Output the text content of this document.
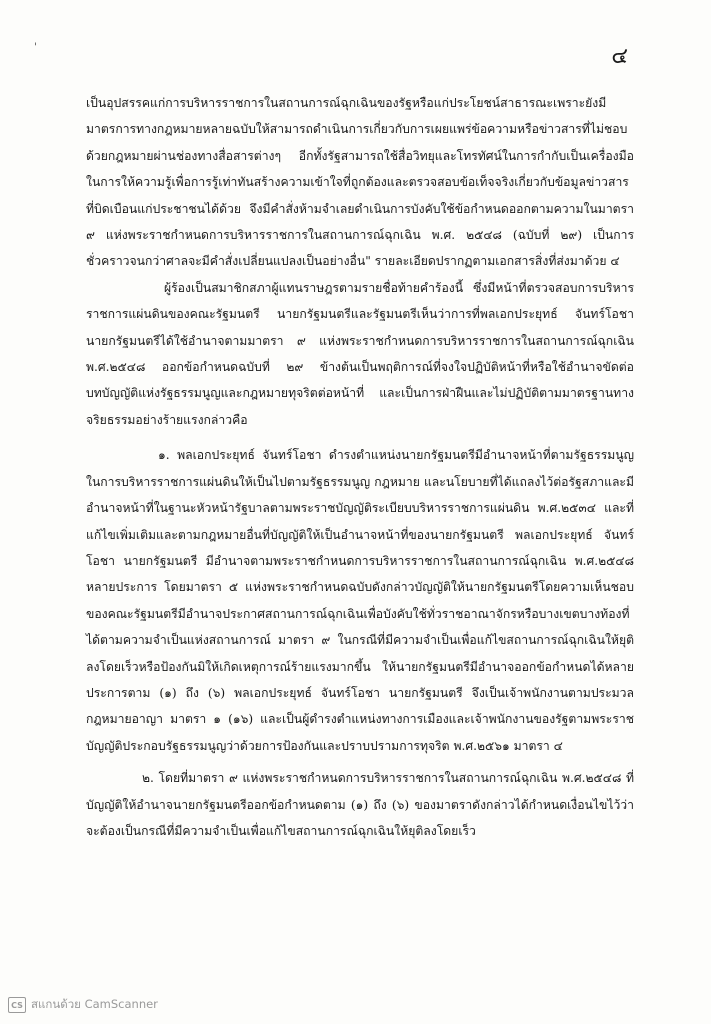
'	๔

เป็นอุปสรรคแก่การบริหารราชการในสถานการณ์ฉุกเฉินของรัฐหรือแก่ประโยชน์สาธารณะเพราะยังมีมาตรการทางกฎหมายหลายฉบับให้สามารถดำเนินการเกี่ยวกับการเผยแพร่ข้อความหรือข่าวสารที่ไม่ชอบด้วยกฎหมายผ่านช่องทางสื่อสารต่างๆ อีกทั้งรัฐสามารถใช้สื่อวิทยุและโทรทัศน์ในการกำกับเป็นเครื่องมือในการให้ความรู้เพื่อการรู้เท่าทันสร้างความเข้าใจที่ถูกต้องและตรวจสอบข้อเท็จจริงเกี่ยวกับข้อมูลข่าวสารที่บิดเบือนแก่ประชาชนได้ด้วย จึงมีคำสั่งห้ามจำเลยดำเนินการบังคับใช้ข้อกำหนดออกตามความในมาตรา ๙ แห่งพระราชกำหนดการบริหารราชการในสถานการณ์ฉุกเฉิน พ.ศ. ๒๕๔๘ (ฉบับที่ ๒๙) เป็นการชั่วคราวจนกว่าศาลจะมีคำสั่งเปลี่ยนแปลงเป็นอย่างอื่น" รายละเอียดปรากฏตามเอกสารสิ่งที่ส่งมาด้วย ๔

ผู้ร้องเป็นสมาชิกสภาผู้แทนราษฎรตามรายชื่อท้ายคำร้องนี้ ซึ่งมีหน้าที่ตรวจสอบการบริหารราชการแผ่นดินของคณะรัฐมนตรี นายกรัฐมนตรีและรัฐมนตรีเห็นว่าการที่พลเอกประยุทธ์ จันทร์โอชา นายกรัฐมนตรีได้ใช้อำนาจตามมาตรา ๙ แห่งพระราชกำหนดการบริหารราชการในสถานการณ์ฉุกเฉิน พ.ศ.๒๕๔๘ ออกข้อกำหนดฉบับที่ ๒๙ ข้างต้นเป็นพฤติการณ์ที่จงใจปฏิบัติหน้าที่หรือใช้อำนาจขัดต่อบทบัญญัติแห่งรัฐธรรมนูญและกฎหมายทุจริตต่อหน้าที่ และเป็นการฝ่าฝืนและไม่ปฏิบัติตามมาตรฐานทางจริยธรรมอย่างร้ายแรงกล่าวคือ

๑. พลเอกประยุทธ์ จันทร์โอชา ดำรงตำแหน่งนายกรัฐมนตรีมีอำนาจหน้าที่ตามรัฐธรรมนูญในการบริหารราชการแผ่นดินให้เป็นไปตามรัฐธรรมนูญ กฎหมาย และนโยบายที่ได้แถลงไว้ต่อรัฐสภาและมีอำนาจหน้าที่ในฐานะหัวหน้ารัฐบาลตามพระราชบัญญัติระเบียบบริหารราชการแผ่นดิน พ.ศ.๒๕๓๔ และที่แก้ไขเพิ่มเติมและตามกฎหมายอื่นที่บัญญัติให้เป็นอำนาจหน้าที่ของนายกรัฐมนตรี พลเอกประยุทธ์ จันทร์โอชา นายกรัฐมนตรี มีอำนาจตามพระราชกำหนดการบริหารราชการในสถานการณ์ฉุกเฉิน พ.ศ.๒๕๔๘ หลายประการ โดยมาตรา ๕ แห่งพระราชกำหนดฉบับดังกล่าวบัญญัติให้นายกรัฐมนตรีโดยความเห็นชอบของคณะรัฐมนตรีมีอำนาจประกาศสถานการณ์ฉุกเฉินเพื่อบังคับใช้ทั่วราชอาณาจักรหรือบางเขตบางท้องที่ได้ตามความจำเป็นแห่งสถานการณ์ มาตรา ๙ ในกรณีที่มีความจำเป็นเพื่อแก้ไขสถานการณ์ฉุกเฉินให้ยุติลงโดยเร็วหรือป้องกันมิให้เกิดเหตุการณ์ร้ายแรงมากขึ้น ให้นายกรัฐมนตรีมีอำนาจออกข้อกำหนดได้หลายประการตาม (๑) ถึง (๖) พลเอกประยุทธ์ จันทร์โอชา นายกรัฐมนตรี จึงเป็นเจ้าพนักงานตามประมวลกฎหมายอาญา มาตรา ๑ (๑๖) และเป็นผู้ดำรงตำแหน่งทางการเมืองและเจ้าพนักงานของรัฐตามพระราชบัญญัติประกอบรัฐธรรมนูญว่าด้วยการป้องกันและปราบปรามการทุจริต พ.ศ.๒๕๖๑ มาตรา ๔

๒. โดยที่มาตรา ๙ แห่งพระราชกำหนดการบริหารราชการในสถานการณ์ฉุกเฉิน พ.ศ.๒๕๔๘ ที่บัญญัติให้อำนาจนายกรัฐมนตรีออกข้อกำหนดตาม (๑) ถึง (๖) ของมาตราดังกล่าวได้กำหนดเงื่อนไขไว้ว่าจะต้องเป็นกรณีที่มีความจำเป็นเพื่อแก้ไขสถานการณ์ฉุกเฉินให้ยุติลงโดยเร็ว

CS สแกนด้วย CamScanner
